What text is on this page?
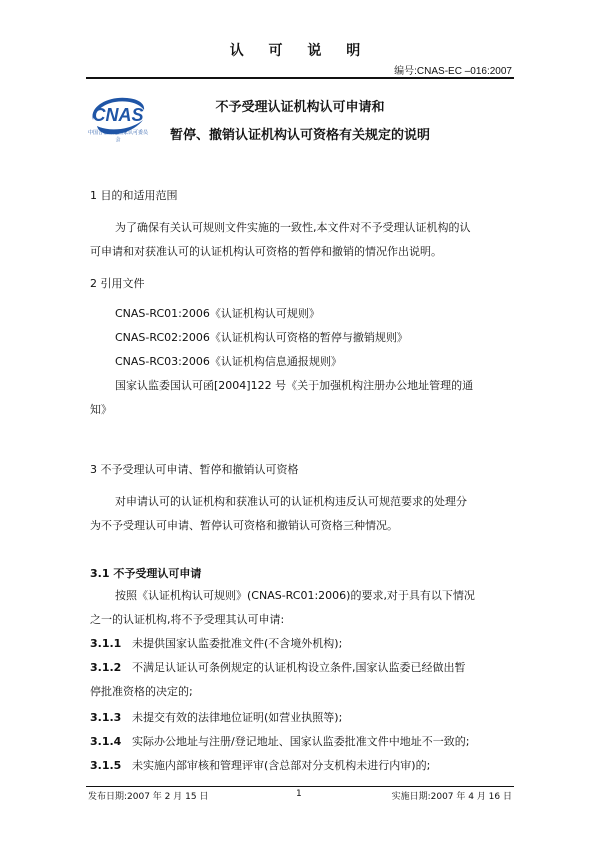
认 可 说 明
编号:CNAS-EC –016:2007
CNAS
中国合格评定国家认可委员会
不予受理认证机构认可申请和
暂停、撤销认证机构认可资格有关规定的说明
1 目的和适用范围
为了确保有关认可规则文件实施的一致性,本文件对不予受理认证机构的认
可申请和对获准认可的认证机构认可资格的暂停和撤销的情况作出说明。
2 引用文件
CNAS-RC01:2006《认证机构认可规则》
CNAS-RC02:2006《认证机构认可资格的暂停与撤销规则》
CNAS-RC03:2006《认证机构信息通报规则》
国家认监委国认可函[2004]122 号《关于加强机构注册办公地址管理的通
知》
3 不予受理认可申请、暂停和撤销认可资格
对申请认可的认证机构和获准认可的认证机构违反认可规范要求的处理分
为不予受理认可申请、暂停认可资格和撤销认可资格三种情况。
3.1 不予受理认可申请
按照《认证机构认可规则》(CNAS-RC01:2006)的要求,对于具有以下情况
之一的认证机构,将不予受理其认可申请:
3.1.1 未提供国家认监委批准文件(不含境外机构);
3.1.2 不满足认证认可条例规定的认证机构设立条件,国家认监委已经做出暂
停批准资格的决定的;
3.1.3 未提交有效的法律地位证明(如营业执照等);
3.1.4 实际办公地址与注册/登记地址、国家认监委批准文件中地址不一致的;
3.1.5 未实施内部审核和管理评审(含总部对分支机构未进行内审)的;
发布日期:2007 年 2 月 15 日	1	实施日期:2007 年 4 月 16 日
